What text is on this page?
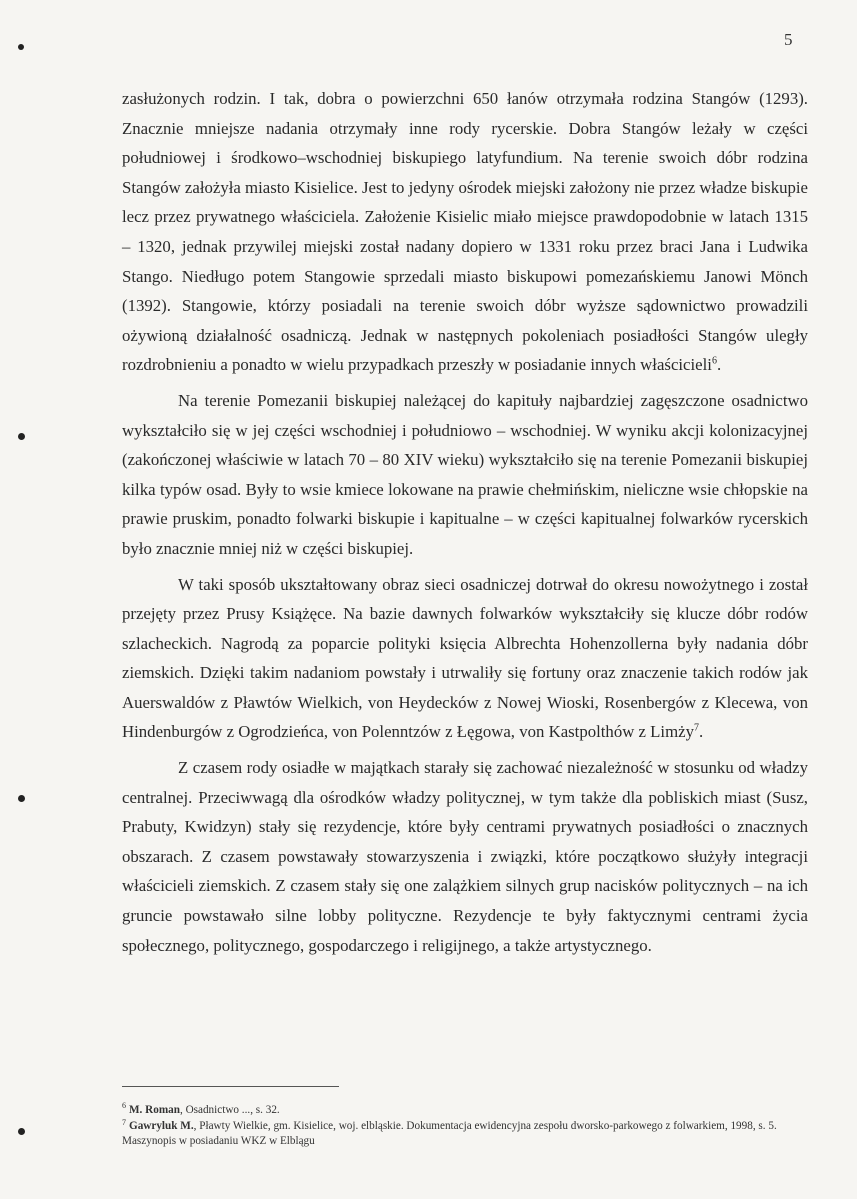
5

zasłużonych rodzin. I tak, dobra o powierzchni 650 łanów otrzymała rodzina Stangów (1293). Znacznie mniejsze nadania otrzymały inne rody rycerskie. Dobra Stangów leżały w części południowej i środkowo–wschodniej biskupiego latyfundium. Na terenie swoich dóbr rodzina Stangów założyła miasto Kisielice. Jest to jedyny ośrodek miejski założony nie przez władze biskupie lecz przez prywatnego właściciela. Założenie Kisielic miało miejsce prawdopodobnie w latach 1315 – 1320, jednak przywilej miejski został nadany dopiero w 1331 roku przez braci Jana i Ludwika Stango. Niedługo potem Stangowie sprzedali miasto biskupowi pomezańskiemu Janowi Mönch (1392). Stangowie, którzy posiadali na terenie swoich dóbr wyższe sądownictwo prowadzili ożywioną działalność osadniczą. Jednak w następnych pokoleniach posiadłości Stangów uległy rozdrobnieniu a ponadto w wielu przypadkach przeszły w posiadanie innych właścicieli$^6$.

Na terenie Pomezanii biskupiej należącej do kapituły najbardziej zagęszczone osadnictwo wykształciło się w jej części wschodniej i południowo – wschodniej. W wyniku akcji kolonizacyjnej (zakończonej właściwie w latach 70 – 80 XIV wieku) wykształciło się na terenie Pomezanii biskupiej kilka typów osad. Były to wsie kmiece lokowane na prawie chełmińskim, nieliczne wsie chłopskie na prawie pruskim, ponadto folwarki biskupie i kapitualne – w części kapitualnej folwarków rycerskich było znacznie mniej niż w części biskupiej.

W taki sposób ukształtowany obraz sieci osadniczej dotrwał do okresu nowożytnego i został przejęty przez Prusy Książęce. Na bazie dawnych folwarków wykształciły się klucze dóbr rodów szlacheckich. Nagrodą za poparcie polityki księcia Albrechta Hohenzollerna były nadania dóbr ziemskich. Dzięki takim nadaniom powstały i utrwaliły się fortuny oraz znaczenie takich rodów jak Auerswaldów z Pławtów Wielkich, von Heydecków z Nowej Wioski, Rosenbergów z Klecewa, von Hindenburgów z Ogrodzieńca, von Polenntzów z Łęgowa, von Kastpolthów z Limży$^7$.

Z czasem rody osiadłe w majątkach starały się zachować niezależność w stosunku od władzy centralnej. Przeciwwagą dla ośrodków władzy politycznej, w tym także dla pobliskich miast (Susz, Prabuty, Kwidzyn) stały się rezydencje, które były centrami prywatnych posiadłości o znacznych obszarach. Z czasem powstawały stowarzyszenia i związki, które początkowo służyły integracji właścicieli ziemskich. Z czasem stały się one zalążkiem silnych grup nacisków politycznych – na ich gruncie powstawało silne lobby polityczne. Rezydencje te były faktycznymi centrami życia społecznego, politycznego, gospodarczego i religijnego, a także artystycznego.

$^6$ M. Roman, Osadnictwo ..., s. 32.

$^7$ Gawryluk M., Pławty Wielkie, gm. Kisielice, woj. elbląskie. Dokumentacja ewidencyjna zespołu dworsko-parkowego z folwarkiem, 1998, s. 5. Maszynopis w posiadaniu WKZ w Elblągu
